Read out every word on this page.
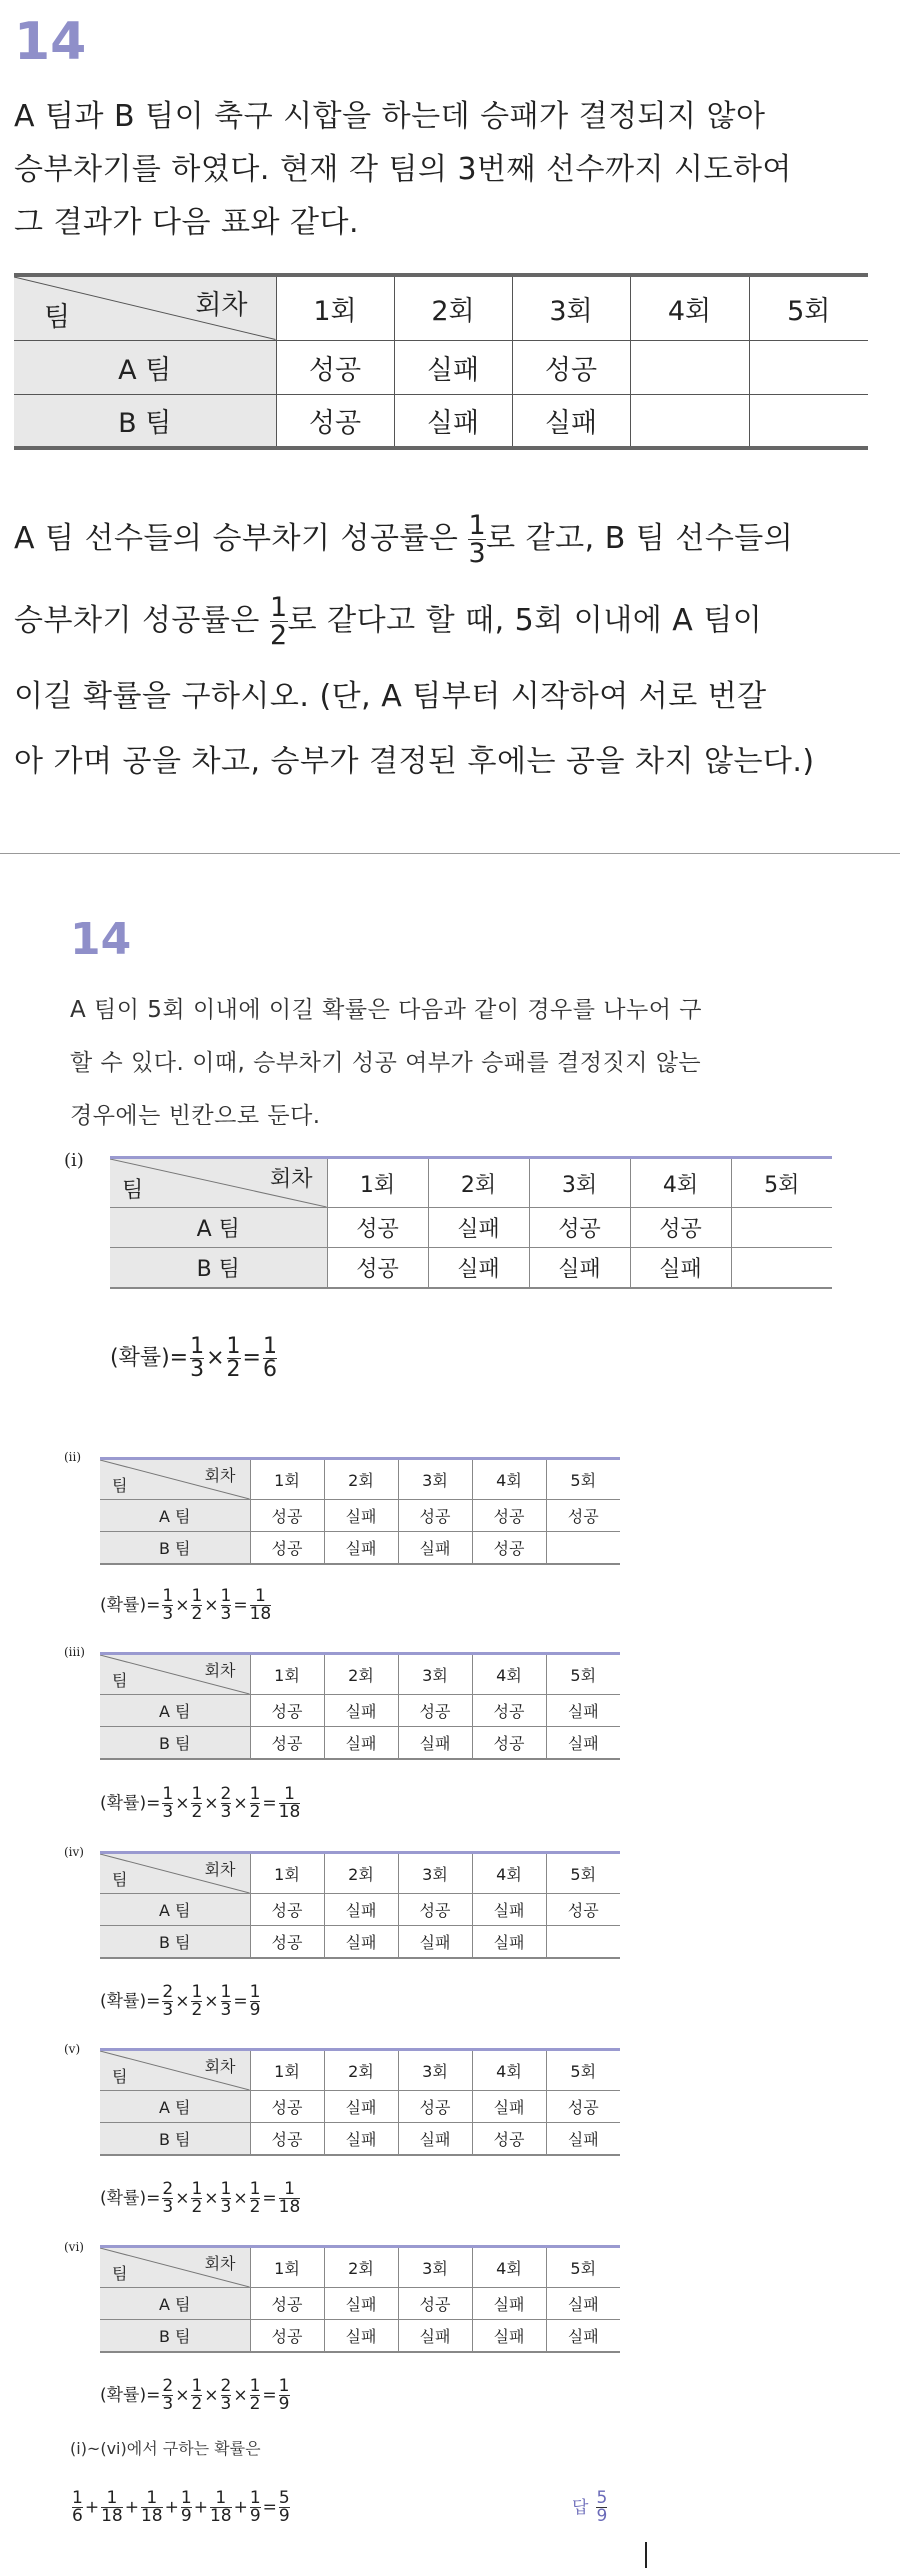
14

A 팀과 B 팀이 축구 시합을 하는데 승패가 결정되지 않아

승부차기를 하였다. 현재 각 팀의 3번째 선수까지 시도하여

그 결과가 다음 표와 같다.

회차
팀	1회	2회	3회	4회	5회
A 팀	성공	실패	성공		
B 팀	성공	실패	실패		

A 팀 선수들의 승부차기 성공률은 $\frac{1}{3}$ 로 같고, B 팀 선수들의

승부차기 성공률은 $\frac{1}{2}$ 로 같다고 할 때, 5회 이내에 A 팀이

이길 확률을 구하시오. (단, A 팀부터 시작하여 서로 번갈

아 가며 공을 차고, 승부가 결정된 후에는 공을 차지 않는다.)

14

A 팀이 5회 이내에 이길 확률은 다음과 같이 경우를 나누어 구

할 수 있다. 이때, 승부차기 성공 여부가 승패를 결정짓지 않는

경우에는 빈칸으로 둔다.

(i)
회차
팀	1회	2회	3회	4회	5회
A 팀	성공	실패	성공	성공	
B 팀	성공	실패	실패	실패	
(확률)= $\frac{1}{3} \times \frac{1}{2} = \frac{1}{6}$
(ii)
회차
팀	1회	2회	3회	4회	5회
A 팀	성공	실패	성공	성공	성공
B 팀	성공	실패	실패	성공	
(확률)= $\frac{1}{3} \times \frac{1}{2} \times \frac{1}{3} = \frac{1}{18}$
(iii)
회차
팀	1회	2회	3회	4회	5회
A 팀	성공	실패	성공	성공	실패
B 팀	성공	실패	실패	성공	실패
(확률)= $\frac{1}{3} \times \frac{1}{2} \times \frac{2}{3} \times \frac{1}{2} = \frac{1}{18}$
(iv)
회차
팀	1회	2회	3회	4회	5회
A 팀	성공	실패	성공	실패	성공
B 팀	성공	실패	실패	실패	
(확률)= $\frac{2}{3} \times \frac{1}{2} \times \frac{1}{3} = \frac{1}{9}$
(v)
회차
팀	1회	2회	3회	4회	5회
A 팀	성공	실패	성공	실패	성공
B 팀	성공	실패	실패	성공	실패
(확률)= $\frac{2}{3} \times \frac{1}{2} \times \frac{1}{3} \times \frac{1}{2} = \frac{1}{18}$
(vi)
회차
팀	1회	2회	3회	4회	5회
A 팀	성공	실패	성공	실패	실패
B 팀	성공	실패	실패	실패	실패
(확률)= $\frac{2}{3} \times \frac{1}{2} \times \frac{2}{3} \times \frac{1}{2} = \frac{1}{9}$
(i)~(vi)에서 구하는 확률은
$\frac{1}{6} + \frac{1}{18} + \frac{1}{18} + \frac{1}{9} + \frac{1}{18} + \frac{1}{9} = \frac{5}{9}$	답 $\frac{5}{9}$
